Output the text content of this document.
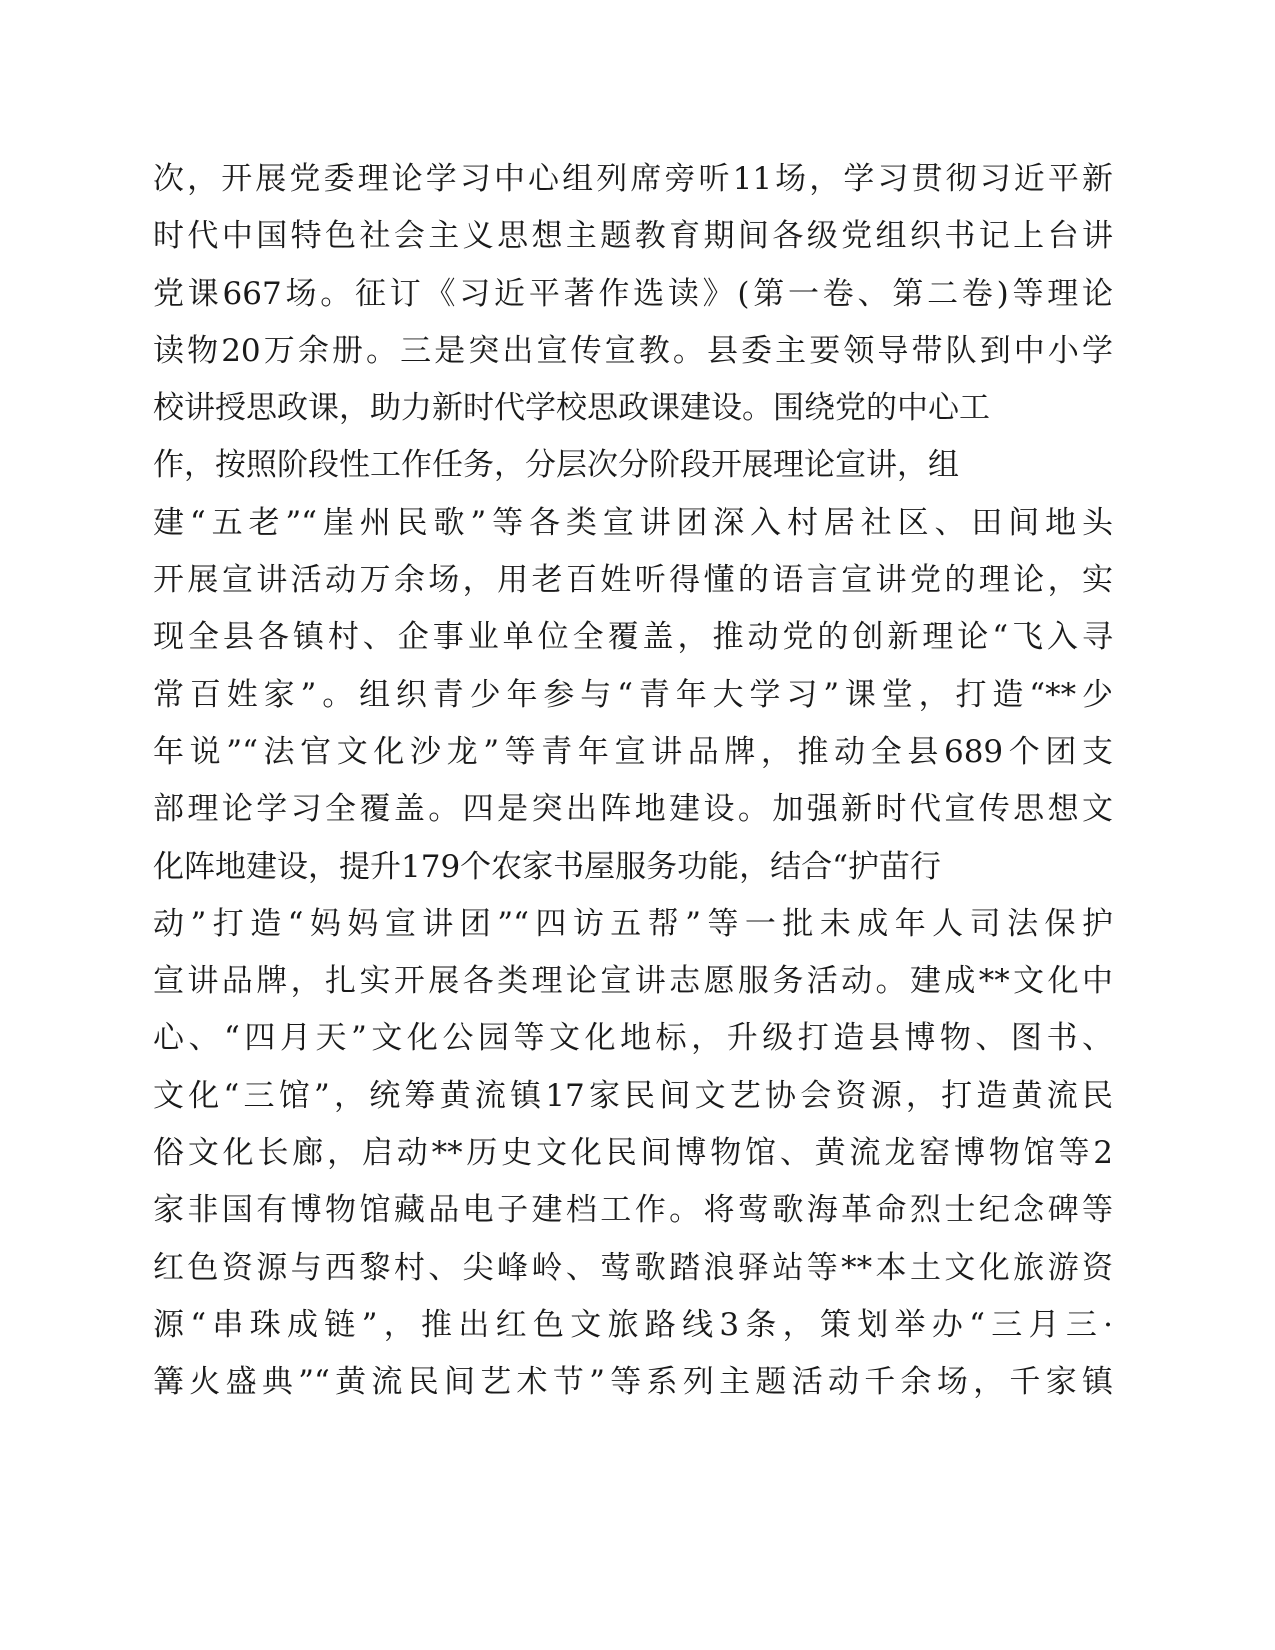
次，开展党委理论学习中心组列席旁听11场，学习贯彻习近平新
时代中国特色社会主义思想主题教育期间各级党组织书记上台讲
党课667场。征订《习近平著作选读》(第一卷、第二卷)等理论
读物20万余册。三是突出宣传宣教。县委主要领导带队到中小学
校讲授思政课，助力新时代学校思政课建设。围绕党的中心工
作，按照阶段性工作任务，分层次分阶段开展理论宣讲，组
建“五老”“崖州民歌”等各类宣讲团深入村居社区、田间地头
开展宣讲活动万余场，用老百姓听得懂的语言宣讲党的理论，实
现全县各镇村、企事业单位全覆盖，推动党的创新理论“飞入寻
常百姓家”。组织青少年参与“青年大学习”课堂，打造“**少
年说”“法官文化沙龙”等青年宣讲品牌，推动全县689个团支
部理论学习全覆盖。四是突出阵地建设。加强新时代宣传思想文
化阵地建设，提升179个农家书屋服务功能，结合“护苗行
动”打造“妈妈宣讲团”“四访五帮”等一批未成年人司法保护
宣讲品牌，扎实开展各类理论宣讲志愿服务活动。建成**文化中
心、“四月天”文化公园等文化地标，升级打造县博物、图书、
文化“三馆”，统筹黄流镇17家民间文艺协会资源，打造黄流民
俗文化长廊，启动**历史文化民间博物馆、黄流龙窑博物馆等2
家非国有博物馆藏品电子建档工作。将莺歌海革命烈士纪念碑等
红色资源与西黎村、尖峰岭、莺歌踏浪驿站等**本土文化旅游资
源“串珠成链”，推出红色文旅路线3条，策划举办“三月三·
篝火盛典”“黄流民间艺术节”等系列主题活动千余场，千家镇
